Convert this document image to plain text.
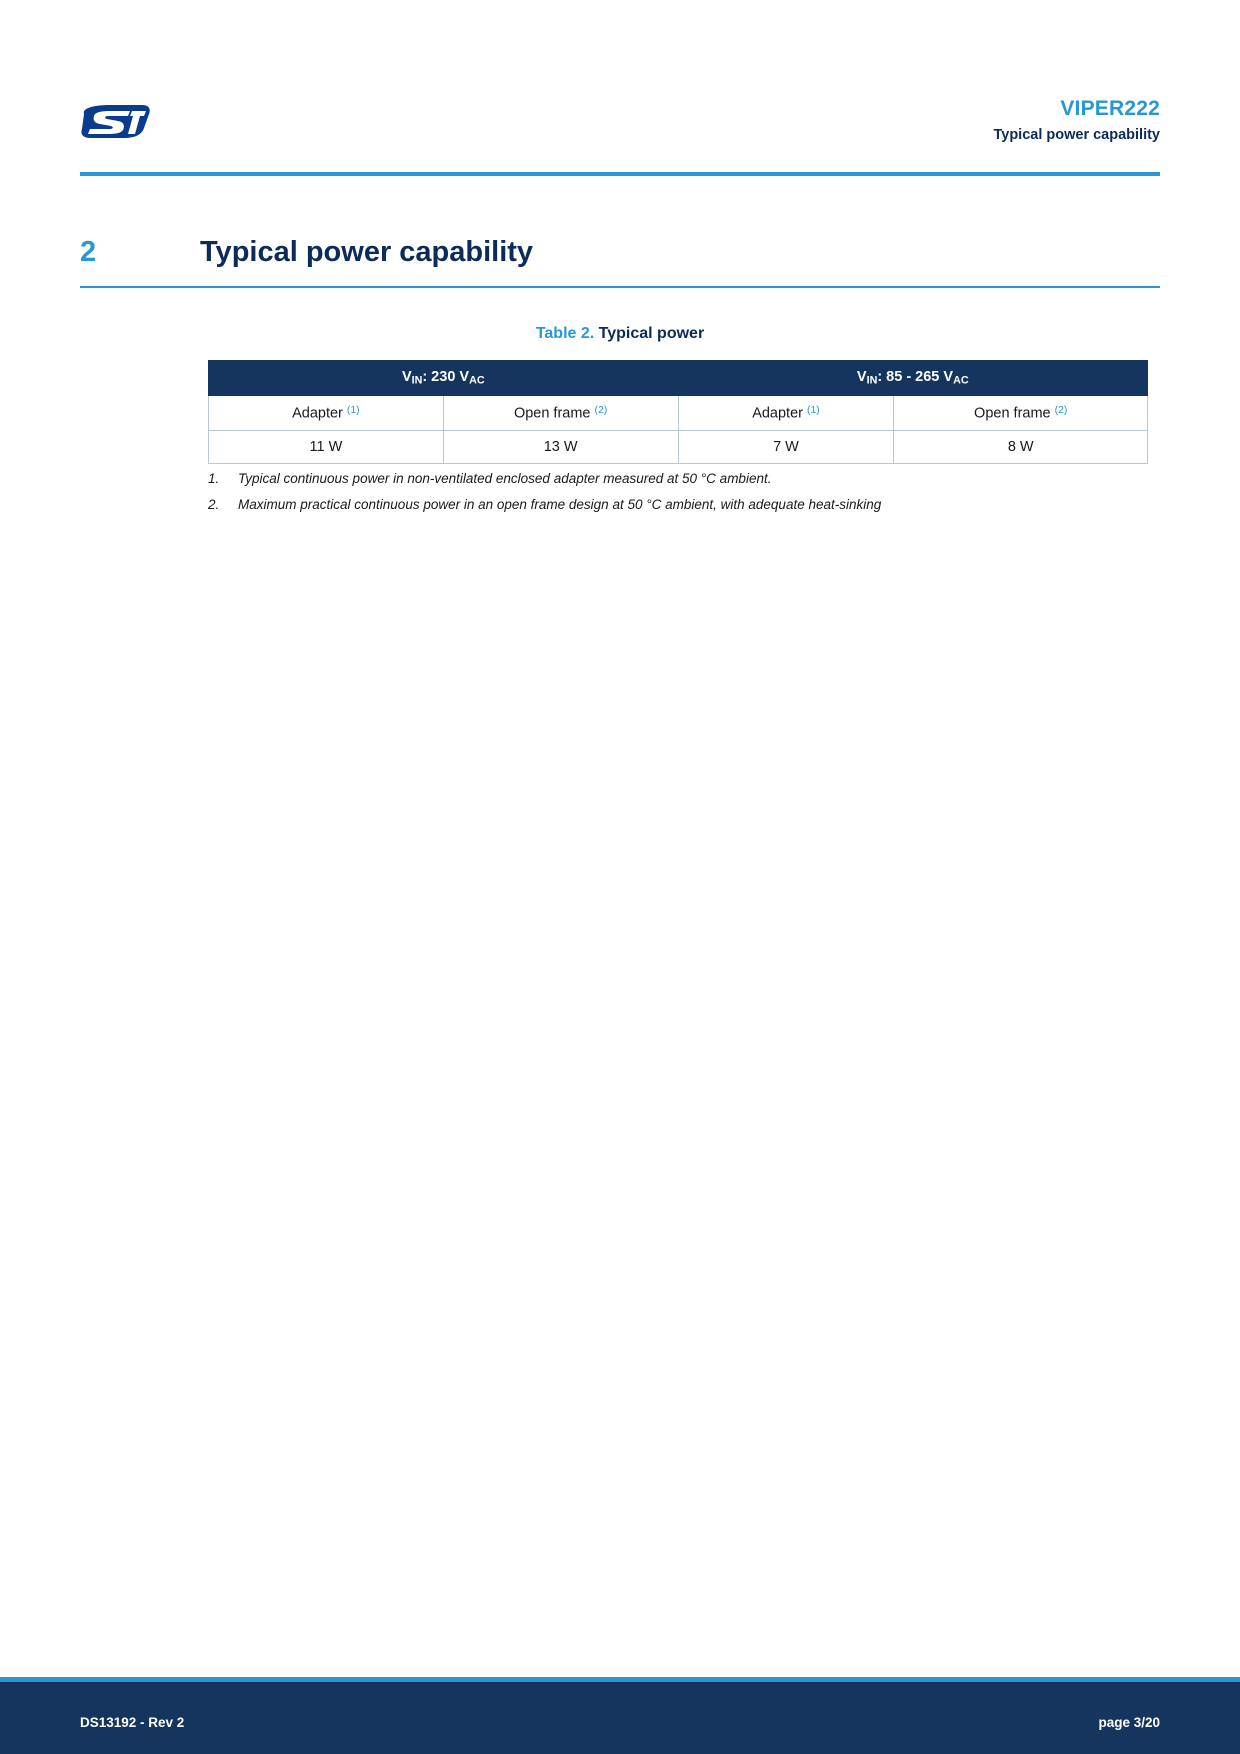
VIPER222
Typical power capability
2	Typical power capability
Table 2. Typical power
$V_{IN}$: 230 $V_{AC}$		$V_{IN}$: 85 - 265 $V_{AC}$
Adapter $^{(1)}$	Open frame $^{(2)}$	Adapter $^{(1)}$	Open frame $^{(2)}$
11 W	13 W	7 W	8 W
1.	Typical continuous power in non-ventilated enclosed adapter measured at 50 °C ambient.
2.	Maximum practical continuous power in an open frame design at 50 °C ambient, with adequate heat-sinking
DS13192 - Rev 2	page 3/20
